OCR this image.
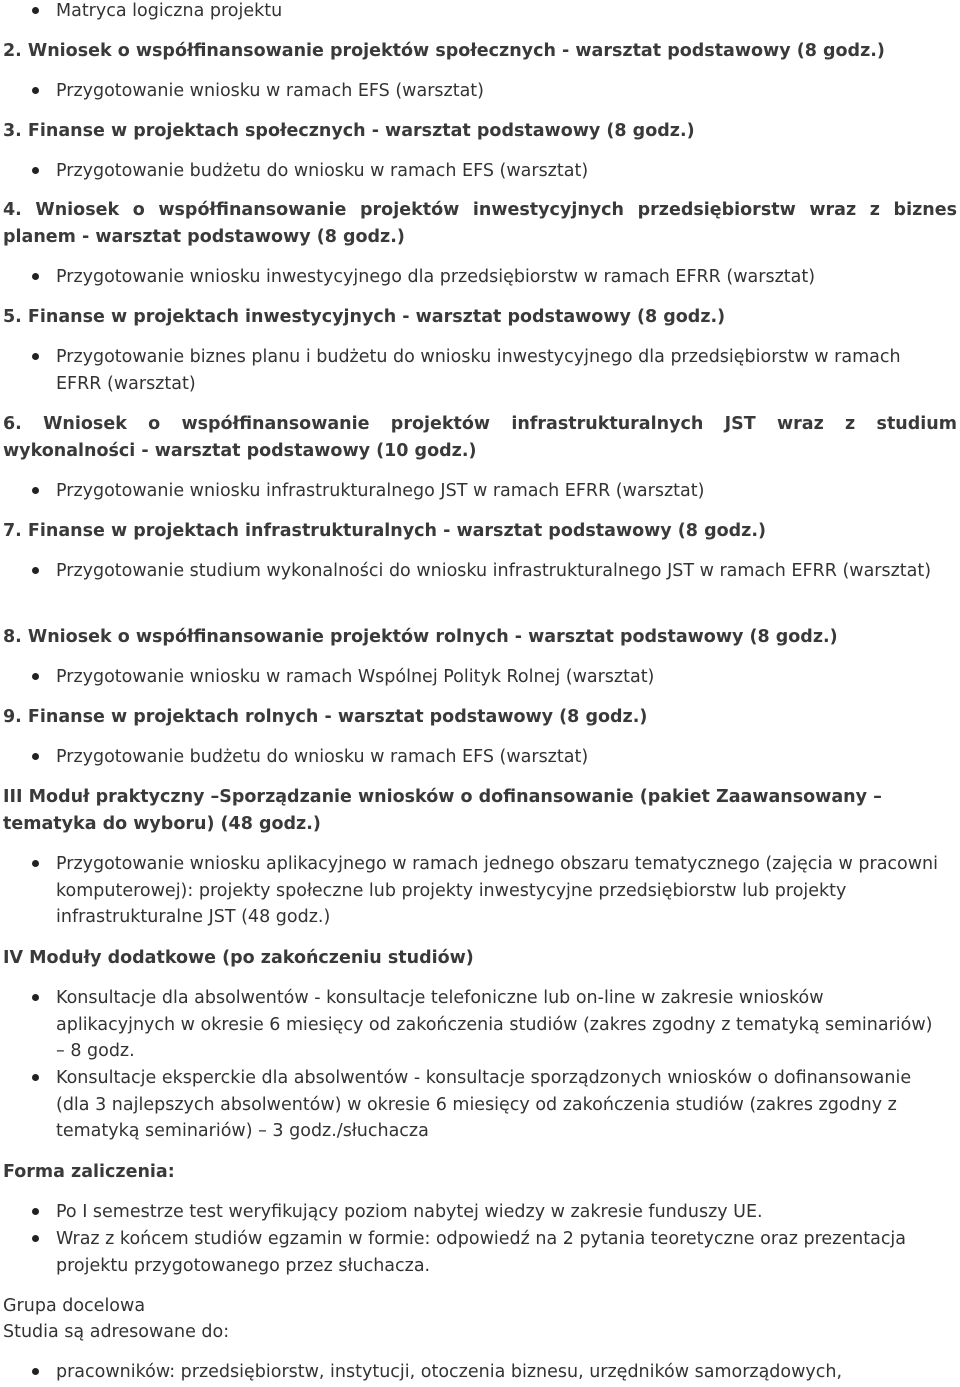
Matryca logiczna projektu
2. Wniosek o współfinansowanie projektów społecznych - warsztat podstawowy (8 godz.)
Przygotowanie wniosku w ramach EFS (warsztat)
3. Finanse w projektach społecznych - warsztat podstawowy (8 godz.)
Przygotowanie budżetu do wniosku w ramach EFS (warsztat)
4. Wniosek o współfinansowanie projektów inwestycyjnych przedsiębiorstw wraz z biznes planem - warsztat podstawowy (8 godz.)
Przygotowanie wniosku inwestycyjnego dla przedsiębiorstw w ramach EFRR (warsztat)
5. Finanse w projektach inwestycyjnych - warsztat podstawowy (8 godz.)
Przygotowanie biznes planu i budżetu do wniosku inwestycyjnego dla przedsiębiorstw w ramach EFRR (warsztat)
6. Wniosek o współfinansowanie projektów infrastrukturalnych JST wraz z studium wykonalności - warsztat podstawowy (10 godz.)
Przygotowanie wniosku infrastrukturalnego JST w ramach EFRR (warsztat)
7. Finanse w projektach infrastrukturalnych - warsztat podstawowy (8 godz.)
Przygotowanie studium wykonalności do wniosku infrastrukturalnego JST w ramach EFRR (warsztat)
8. Wniosek o współfinansowanie projektów rolnych - warsztat podstawowy (8 godz.)
Przygotowanie wniosku w ramach Wspólnej Polityk Rolnej (warsztat)
9. Finanse w projektach rolnych - warsztat podstawowy (8 godz.)
Przygotowanie budżetu do wniosku w ramach EFS (warsztat)
III Moduł praktyczny –Sporządzanie wniosków o dofinansowanie (pakiet Zaawansowany – tematyka do wyboru) (48 godz.)
Przygotowanie wniosku aplikacyjnego w ramach jednego obszaru tematycznego (zajęcia w pracowni komputerowej): projekty społeczne lub projekty inwestycyjne przedsiębiorstw lub projekty infrastrukturalne JST (48 godz.)
IV Moduły dodatkowe (po zakończeniu studiów)
Konsultacje dla absolwentów - konsultacje telefoniczne lub on-line w zakresie wniosków aplikacyjnych w okresie 6 miesięcy od zakończenia studiów (zakres zgodny z tematyką seminariów) – 8 godz.
Konsultacje eksperckie dla absolwentów - konsultacje sporządzonych wniosków o dofinansowanie (dla 3 najlepszych absolwentów) w okresie 6 miesięcy od zakończenia studiów (zakres zgodny z tematyką seminariów) – 3 godz./słuchacza
Forma zaliczenia:
Po I semestrze test weryfikujący poziom nabytej wiedzy w zakresie funduszy UE.
Wraz z końcem studiów egzamin w formie: odpowiedź na 2 pytania teoretyczne oraz prezentacja projektu przygotowanego przez słuchacza.
Grupa docelowa
Studia są adresowane do:
pracowników: przedsiębiorstw, instytucji, otoczenia biznesu, urzędników samorządowych,
